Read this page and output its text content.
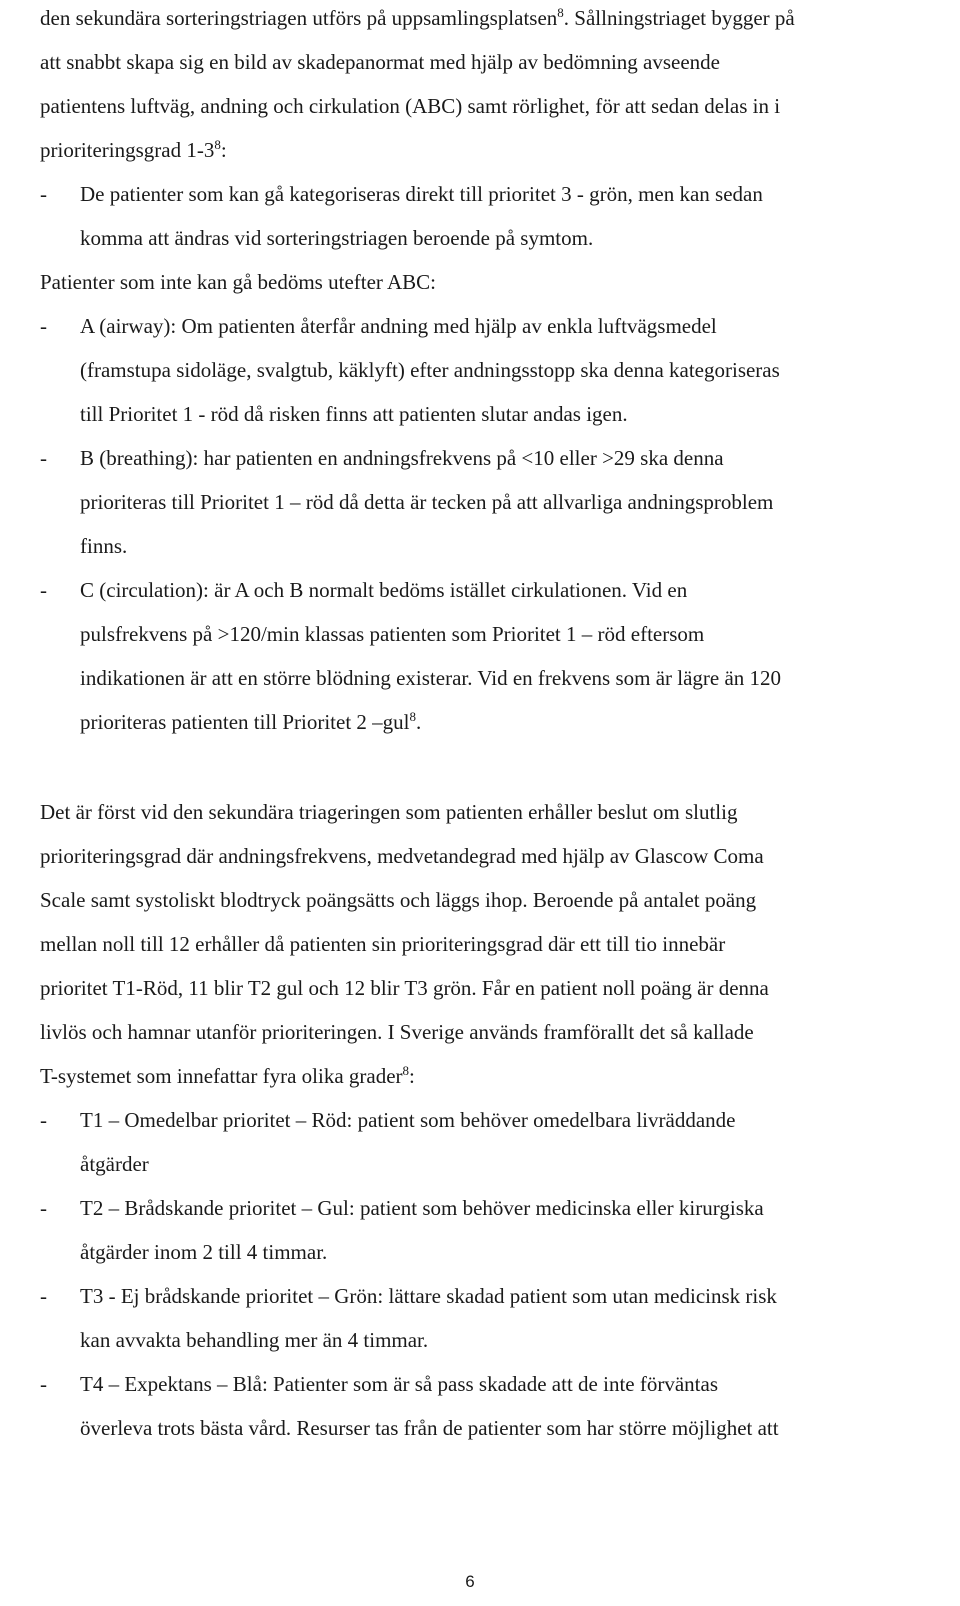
den sekundära sorteringstriagen utförs på uppsamlingsplatsen$^8$. Sållningstriaget bygger på
att snabbt skapa sig en bild av skadepanormat med hjälp av bedömning avseende
patientens luftväg, andning och cirkulation (ABC) samt rörlighet, för att sedan delas in i
prioriteringsgrad $1-3^8$:
- De patienter som kan gå kategoriseras direkt till prioritet 3 - grön, men kan sedan
komma att ändras vid sorteringstriagen beroende på symtom.
Patienter som inte kan gå bedöms utefter ABC:
- A (airway): Om patienten återfår andning med hjälp av enkla luftvägsmedel
(framstupa sidoläge, svalgtub, käklyft) efter andningsstopp ska denna kategoriseras
till Prioritet 1 - röd då risken finns att patienten slutar andas igen.
- B (breathing): har patienten en andningsfrekvens på <10 eller >29 ska denna
prioriteras till Prioritet 1 – röd då detta är tecken på att allvarliga andningsproblem
finns.
- C (circulation): är A och B normalt bedöms istället cirkulationen. Vid en
pulsfrekvens på >120/min klassas patienten som Prioritet 1 – röd eftersom
indikationen är att en större blödning existerar. Vid en frekvens som är lägre än 120
prioriteras patienten till Prioritet 2 –gul$^8$.
Det är först vid den sekundära triageringen som patienten erhåller beslut om slutlig
prioriteringsgrad där andningsfrekvens, medvetandegrad med hjälp av Glascow Coma
Scale samt systoliskt blodtryck poängsätts och läggs ihop. Beroende på antalet poäng
mellan noll till 12 erhåller då patienten sin prioriteringsgrad där ett till tio innebär
prioritet T1-Röd, 11 blir T2 gul och 12 blir T3 grön. Får en patient noll poäng är denna
livlös och hamnar utanför prioriteringen. I Sverige används framförallt det så kallade
T-systemet som innefattar fyra olika grader$^8$:
- T1 – Omedelbar prioritet – Röd: patient som behöver omedelbara livräddande
åtgärder
- T2 – Brådskande prioritet – Gul: patient som behöver medicinska eller kirurgiska
åtgärder inom 2 till 4 timmar.
- T3 - Ej brådskande prioritet – Grön: lättare skadad patient som utan medicinsk risk
kan avvakta behandling mer än 4 timmar.
- T4 – Expektans – Blå: Patienter som är så pass skadade att de inte förväntas
överleva trots bästa vård. Resurser tas från de patienter som har större möjlighet att
6
